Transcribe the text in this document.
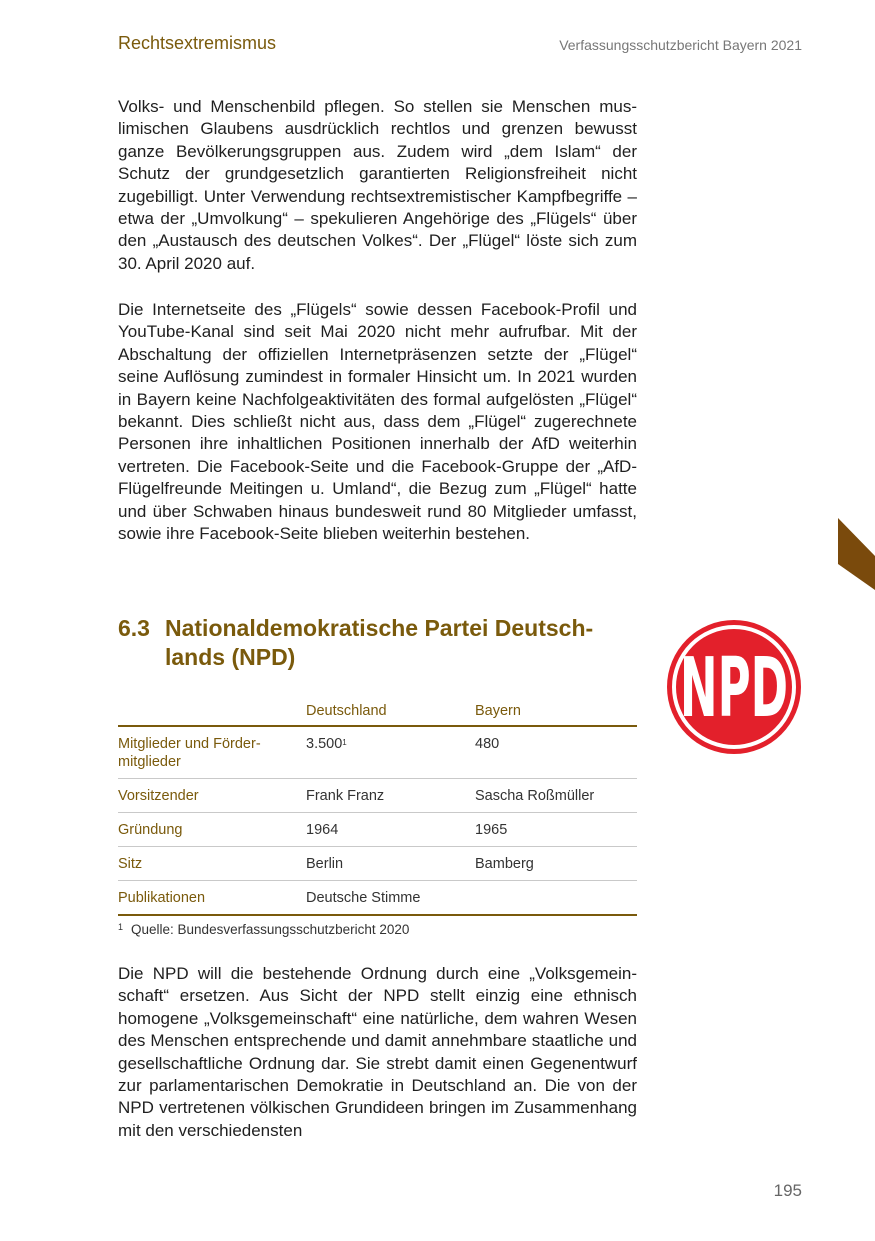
Rechtsextremismus	Verfassungsschutzbericht Bayern 2021

Volks- und Menschenbild pflegen. So stellen sie Menschen muslimischen Glaubens ausdrücklich rechtlos und grenzen bewusst ganze Bevölkerungsgruppen aus. Zudem wird „dem Islam“ der Schutz der grundgesetzlich garantierten Religionsfreiheit nicht zugebilligt. Unter Verwendung rechtsextremistischer Kampfbegriffe – etwa der „Umvolkung“ – spekulieren Angehörige des „Flügels“ über den „Austausch des deutschen Volkes“. Der „Flügel“ löste sich zum 30. April 2020 auf.

Die Internetseite des „Flügels“ sowie dessen Facebook-Profil und YouTube-Kanal sind seit Mai 2020 nicht mehr aufrufbar. Mit der Abschaltung der offiziellen Internetpräsenzen setzte der „Flügel“ seine Auflösung zumindest in formaler Hinsicht um. In 2021 wurden in Bayern keine Nachfolgeaktivitäten des formal aufgelösten „Flügel“ bekannt. Dies schließt nicht aus, dass dem „Flügel“ zugerechnete Personen ihre inhaltlichen Positionen innerhalb der AfD weiterhin vertreten. Die Facebook-Seite und die Facebook-Gruppe der „AfD-Flügelfreunde Meitingen u. Umland“, die Bezug zum „Flügel“ hatte und über Schwaben hinaus bundesweit rund 80 Mitglieder umfasst, sowie ihre Facebook-Seite blieben weiterhin bestehen.

6.3 Nationaldemokratische Partei Deutsch-lands (NPD)	NPD
	Deutschland	Bayern
Mitglieder und Förder-mitglieder	3.500$^1$	480
Vorsitzender	Frank Franz	Sascha Roßmüller
Gründung	1964	1965
Sitz	Berlin	Bamberg
Publikationen	Deutsche Stimme	
$^1$ Quelle: Bundesverfassungsschutzbericht 2020

Die NPD will die bestehende Ordnung durch eine „Volksgemeinschaft“ ersetzen. Aus Sicht der NPD stellt einzig eine ethnisch homogene „Volksgemeinschaft“ eine natürliche, dem wahren Wesen des Menschen entsprechende und damit annehmbare staatliche und gesellschaftliche Ordnung dar. Sie strebt damit einen Gegenentwurf zur parlamentarischen Demokratie in Deutschland an. Die von der NPD vertretenen völkischen Grundideen bringen im Zusammenhang mit den verschiedensten

195
